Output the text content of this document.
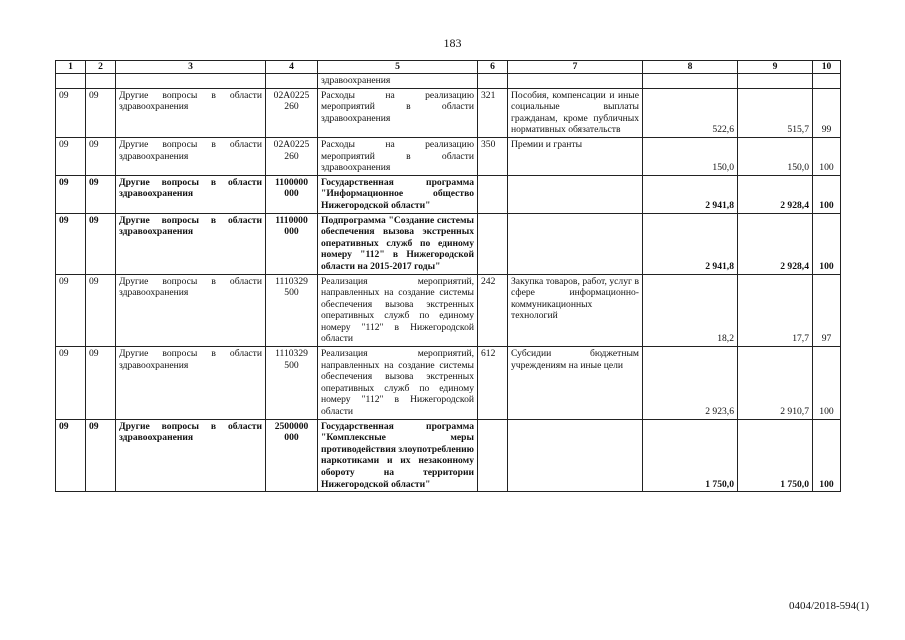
183
1	2	3	4	5	6	7	8	9	10
				здравоохранения					
09	09	Другие вопросы в области здравоохранения	02А0225 260	Расходы на реализацию мероприятий в области здравоохранения	321	Пособия, компенсации и иные социальные выплаты гражданам, кроме публичных нормативных обязательств	522,6	515,7	99
09	09	Другие вопросы в области здравоохранения	02А0225 260	Расходы на реализацию мероприятий в области здравоохранения	350	Премии и гранты	150,0	150,0	100
09	09	Другие вопросы в области здравоохранения	1100000 000	Государственная программа "Информационное общество Нижегородской области"			2 941,8	2 928,4	100
09	09	Другие вопросы в области здравоохранения	1110000 000	Подпрограмма "Создание системы обеспечения вызова экстренных оперативных служб по единому номеру "112" в Нижегородской области на 2015-2017 годы"			2 941,8	2 928,4	100
09	09	Другие вопросы в области здравоохранения	1110329 500	Реализация мероприятий, направленных на создание системы обеспечения вызова экстренных оперативных служб по единому номеру "112" в Нижегородской области	242	Закупка товаров, работ, услуг в сфере информационно-коммуникационных технологий	18,2	17,7	97
09	09	Другие вопросы в области здравоохранения	1110329 500	Реализация мероприятий, направленных на создание системы обеспечения вызова экстренных оперативных служб по единому номеру "112" в Нижегородской области	612	Субсидии бюджетным учреждениям на иные цели	2 923,6	2 910,7	100
09	09	Другие вопросы в области здравоохранения	2500000 000	Государственная программа "Комплексные меры противодействия злоупотреблению наркотиками и их незаконному обороту на территории Нижегородской области"			1 750,0	1 750,0	100
0404/2018-594(1)
